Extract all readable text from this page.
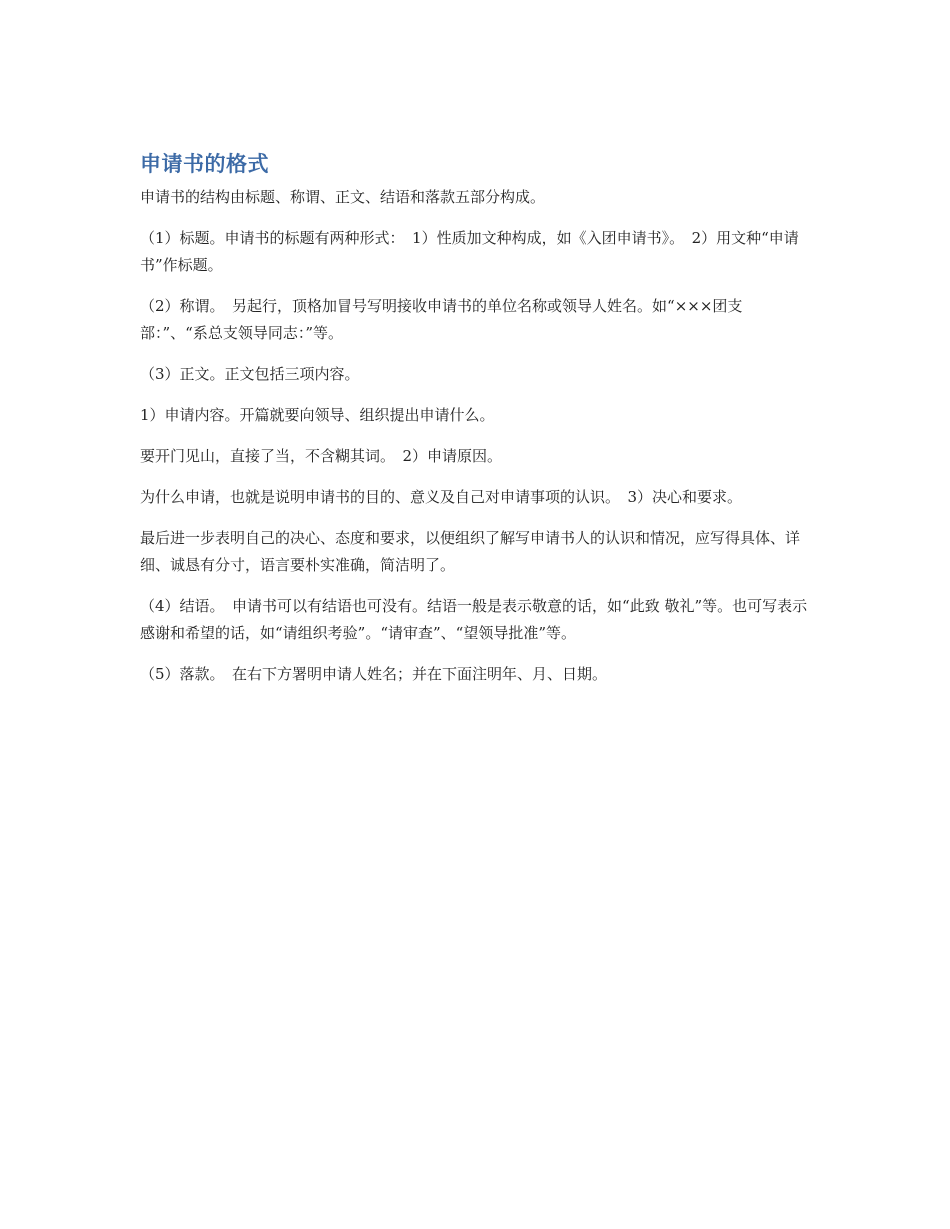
申请书的格式

申请书的结构由标题、称谓、正文、结语和落款五部分构成。

（1）标题。申请书的标题有两种形式：　1）性质加文种构成，如《入团申请书》。　2）用文种“申请书”作标题。

（2）称谓。　另起行，顶格加冒号写明接收申请书的单位名称或领导人姓名。如“×××团支部：”、“系总支领导同志：”等。

（3）正文。正文包括三项内容。

1）申请内容。开篇就要向领导、组织提出申请什么。

要开门见山，直接了当，不含糊其词。　2）申请原因。

为什么申请，也就是说明申请书的目的、意义及自己对申请事项的认识。　3）决心和要求。

最后进一步表明自己的决心、态度和要求，以便组织了解写申请书人的认识和情况，应写得具体、详细、诚恳有分寸，语言要朴实准确，简洁明了。

（4）结语。　申请书可以有结语也可没有。结语一般是表示敬意的话，如“此致 敬礼”等。也可写表示感谢和希望的话，如“请组织考验”。“请审查”、“望领导批准”等。

（5）落款。　在右下方署明申请人姓名；并在下面注明年、月、日期。
